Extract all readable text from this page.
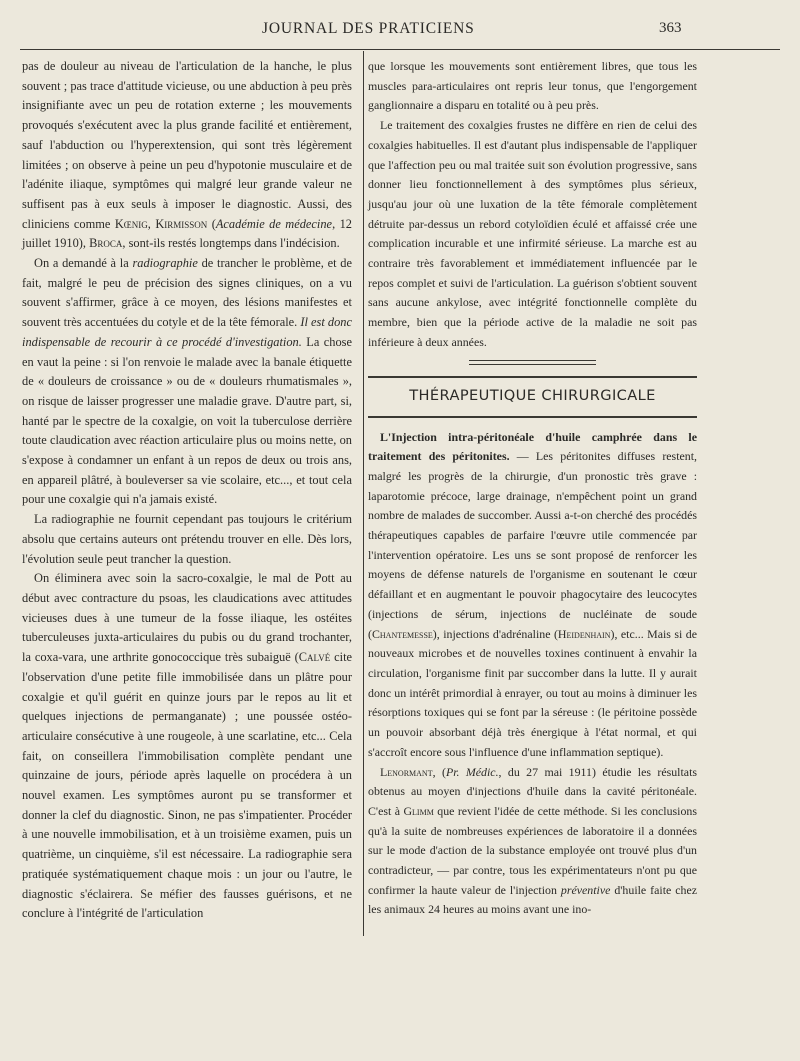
JOURNAL DES PRATICIENS	363

pas de douleur au niveau de l'articulation de la hanche, le plus souvent ; pas trace d'attitude vicieuse, ou une abduction à peu près insignifiante avec un peu de rotation externe ; les mouvements provoqués s'exécutent avec la plus grande facilité et entièrement, sauf l'abduction ou l'hyperextension, qui sont très légèrement limitées ; on observe à peine un peu d'hypotonie musculaire et de l'adénite iliaque, symptômes qui malgré leur grande valeur ne suffisent pas à eux seuls à imposer le diagnostic. Aussi, des cliniciens comme Kœnig, Kirmisson (Académie de médecine, 12 juillet 1910), Broca, sont-ils restés longtemps dans l'indécision.

On a demandé à la radiographie de trancher le problème, et de fait, malgré le peu de précision des signes cliniques, on a vu souvent s'affirmer, grâce à ce moyen, des lésions manifestes et souvent très accentuées du cotyle et de la tête fémorale. Il est donc indispensable de recourir à ce procédé d'investigation. La chose en vaut la peine : si l'on renvoie le malade avec la banale étiquette de « douleurs de croissance » ou de « douleurs rhumatismales », on risque de laisser progresser une maladie grave. D'autre part, si, hanté par le spectre de la coxalgie, on voit la tuberculose derrière toute claudication avec réaction articulaire plus ou moins nette, on s'expose à condamner un enfant à un repos de deux ou trois ans, en appareil plâtré, à bouleverser sa vie scolaire, etc..., et tout cela pour une coxalgie qui n'a jamais existé.

La radiographie ne fournit cependant pas toujours le critérium absolu que certains auteurs ont prétendu trouver en elle. Dès lors, l'évolution seule peut trancher la question.

On éliminera avec soin la sacro-coxalgie, le mal de Pott au début avec contracture du psoas, les claudications avec attitudes vicieuses dues à une tumeur de la fosse iliaque, les ostéites tuberculeuses juxta-articulaires du pubis ou du grand trochanter, la coxa-vara, une arthrite gonococcique très subaiguë (Calvé cite l'observation d'une petite fille immobilisée dans un plâtre pour coxalgie et qu'il guérit en quinze jours par le repos au lit et quelques injections de permanganate) ; une poussée ostéo-articulaire consécutive à une rougeole, à une scarlatine, etc... Cela fait, on conseillera l'immobilisation complète pendant une quinzaine de jours, période après laquelle on procédera à un nouvel examen. Les symptômes auront pu se transformer et donner la clef du diagnostic. Sinon, ne pas s'impatienter. Procéder à une nouvelle immobilisation, et à un troisième examen, puis un quatrième, un cinquième, s'il est nécessaire. La radiographie sera pratiquée systématiquement chaque mois : un jour ou l'autre, le diagnostic s'éclairera. Se méfier des fausses guérisons, et ne conclure à l'intégrité de l'articulation

que lorsque les mouvements sont entièrement libres, que tous les muscles para-articulaires ont repris leur tonus, que l'engorgement ganglionnaire a disparu en totalité ou à peu près.

Le traitement des coxalgies frustes ne diffère en rien de celui des coxalgies habituelles. Il est d'autant plus indispensable de l'appliquer que l'affection peu ou mal traitée suit son évolution progressive, sans donner lieu fonctionnellement à des symptômes plus sérieux, jusqu'au jour où une luxation de la tête fémorale complètement détruite par-dessus un rebord cotyloïdien éculé et affaissé crée une complication incurable et une infirmité sérieuse. La marche est au contraire très favorablement et immédiatement influencée par le repos complet et suivi de l'articulation. La guérison s'obtient souvent sans aucune ankylose, avec intégrité fonctionnelle complète du membre, bien que la période active de la maladie ne soit pas inférieure à deux années.

THÉRAPEUTIQUE CHIRURGICALE

L'Injection intra-péritonéale d'huile camphrée dans le traitement des péritonites. — Les péritonites diffuses restent, malgré les progrès de la chirurgie, d'un pronostic très grave : laparotomie précoce, large drainage, n'empêchent point un grand nombre de malades de succomber. Aussi a-t-on cherché des procédés thérapeutiques capables de parfaire l'œuvre utile commencée par l'intervention opératoire. Les uns se sont proposé de renforcer les moyens de défense naturels de l'organisme en soutenant le cœur défaillant et en augmentant le pouvoir phagocytaire des leucocytes (injections de sérum, injections de nucléinate de soude (Chantemesse), injections d'adrénaline (Heidenhain), etc... Mais si de nouveaux microbes et de nouvelles toxines continuent à envahir la circulation, l'organisme finit par succomber dans la lutte. Il y aurait donc un intérêt primordial à enrayer, ou tout au moins à diminuer les résorptions toxiques qui se font par la séreuse : (le péritoine possède un pouvoir absorbant déjà très énergique à l'état normal, et qui s'accroît encore sous l'influence d'une inflammation septique).

Lenormant, (Pr. Médic., du 27 mai 1911) étudie les résultats obtenus au moyen d'injections d'huile dans la cavité péritonéale. C'est à Glimm que revient l'idée de cette méthode. Si les conclusions qu'à la suite de nombreuses expériences de laboratoire il a données sur le mode d'action de la substance employée ont trouvé plus d'un contradicteur, — par contre, tous les expérimentateurs n'ont pu que confirmer la haute valeur de l'injection préventive d'huile faite chez les animaux 24 heures au moins avant une ino-
